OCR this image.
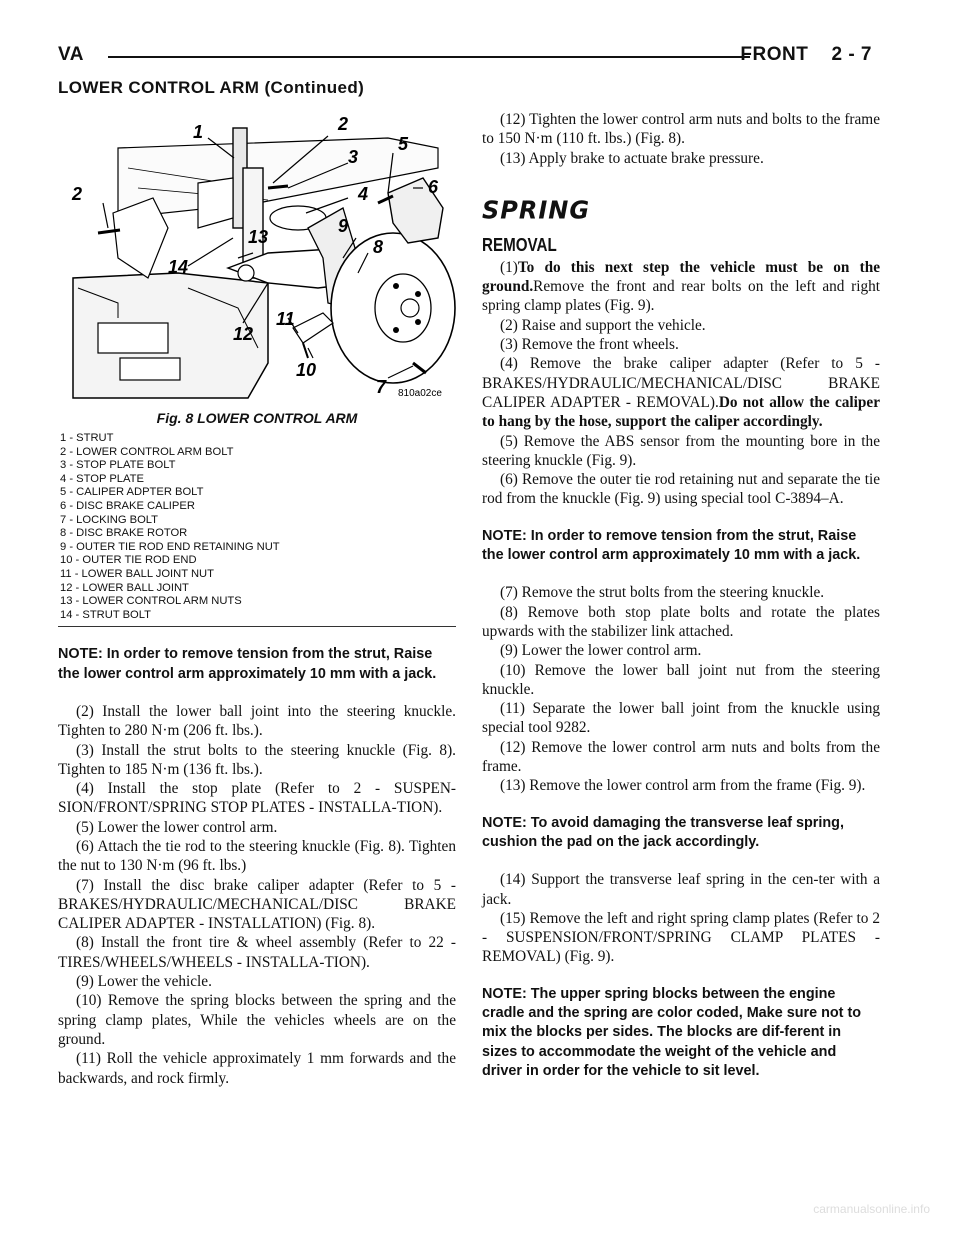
VA	FRONT    2 - 7
LOWER CONTROL ARM (Continued)
1	2
3
5
2	4	6
9
13	8
14
12
11
10
7 810a02ce
Fig. 8 LOWER CONTROL ARM
1 - STRUT
2 - LOWER CONTROL ARM BOLT
3 - STOP PLATE BOLT
4 - STOP PLATE
5 - CALIPER ADPTER BOLT
6 - DISC BRAKE CALIPER
7 - LOCKING BOLT
8 - DISC BRAKE ROTOR
9 - OUTER TIE ROD END RETAINING NUT
10 - OUTER TIE ROD END
11 - LOWER BALL JOINT NUT
12 - LOWER BALL JOINT
13 - LOWER CONTROL ARM NUTS
14 - STRUT BOLT
NOTE: In order to remove tension from the strut, Raise the lower control arm approximately 10 mm with a jack.

(2) Install the lower ball joint into the steering knuckle. Tighten to 280 N·m (206 ft. lbs.).

(3) Install the strut bolts to the steering knuckle (Fig. 8). Tighten to 185 N·m (136 ft. lbs.).

(4) Install the stop plate (Refer to 2 - SUSPEN-SION/FRONT/SPRING STOP PLATES - INSTALLA-TION).

(5) Lower the lower control arm.

(6) Attach the tie rod to the steering knuckle (Fig. 8). Tighten the nut to 130 N·m (96 ft. lbs.)

(7) Install the disc brake caliper adapter (Refer to 5 - BRAKES/HYDRAULIC/MECHANICAL/DISC BRAKE CALIPER ADAPTER - INSTALLATION) (Fig. 8).

(8) Install the front tire & wheel assembly (Refer to 22 - TIRES/WHEELS/WHEELS - INSTALLA-TION).

(9) Lower the vehicle.

(10) Remove the spring blocks between the spring and the spring clamp plates, While the vehicles wheels are on the ground.

(11) Roll the vehicle approximately 1 mm forwards and the backwards, and rock firmly.

(12) Tighten the lower control arm nuts and bolts to the frame to 150 N·m (110 ft. lbs.) (Fig. 8).

(13) Apply brake to actuate brake pressure.

SPRING
REMOVAL

(1)To do this next step the vehicle must be on the ground.Remove the front and rear bolts on the left and right spring clamp plates (Fig. 9).

(2) Raise and support the vehicle.

(3) Remove the front wheels.

(4) Remove the brake caliper adapter (Refer to 5 - BRAKES/HYDRAULIC/MECHANICAL/DISC BRAKE CALIPER ADAPTER - REMOVAL).Do not allow the caliper to hang by the hose, support the caliper accordingly.

(5) Remove the ABS sensor from the mounting bore in the steering knuckle (Fig. 9).

(6) Remove the outer tie rod retaining nut and separate the tie rod from the knuckle (Fig. 9) using special tool C-3894–A.

NOTE: In order to remove tension from the strut, Raise the lower control arm approximately 10 mm with a jack.

(7) Remove the strut bolts from the steering knuckle.

(8) Remove both stop plate bolts and rotate the plates upwards with the stabilizer link attached.

(9) Lower the lower control arm.

(10) Remove the lower ball joint nut from the steering knuckle.

(11) Separate the lower ball joint from the knuckle using special tool 9282.

(12) Remove the lower control arm nuts and bolts from the frame.

(13) Remove the lower control arm from the frame (Fig. 9).

NOTE: To avoid damaging the transverse leaf spring, cushion the pad on the jack accordingly.

(14) Support the transverse leaf spring in the cen-ter with a jack.

(15) Remove the left and right spring clamp plates (Refer to 2 - SUSPENSION/FRONT/SPRING CLAMP PLATES - REMOVAL) (Fig. 9).

NOTE: The upper spring blocks between the engine cradle and the spring are color coded, Make sure not to mix the blocks per sides. The blocks are dif-ferent in sizes to accommodate the weight of the vehicle and driver in order for the vehicle to sit level.
carmanualsonline.info
